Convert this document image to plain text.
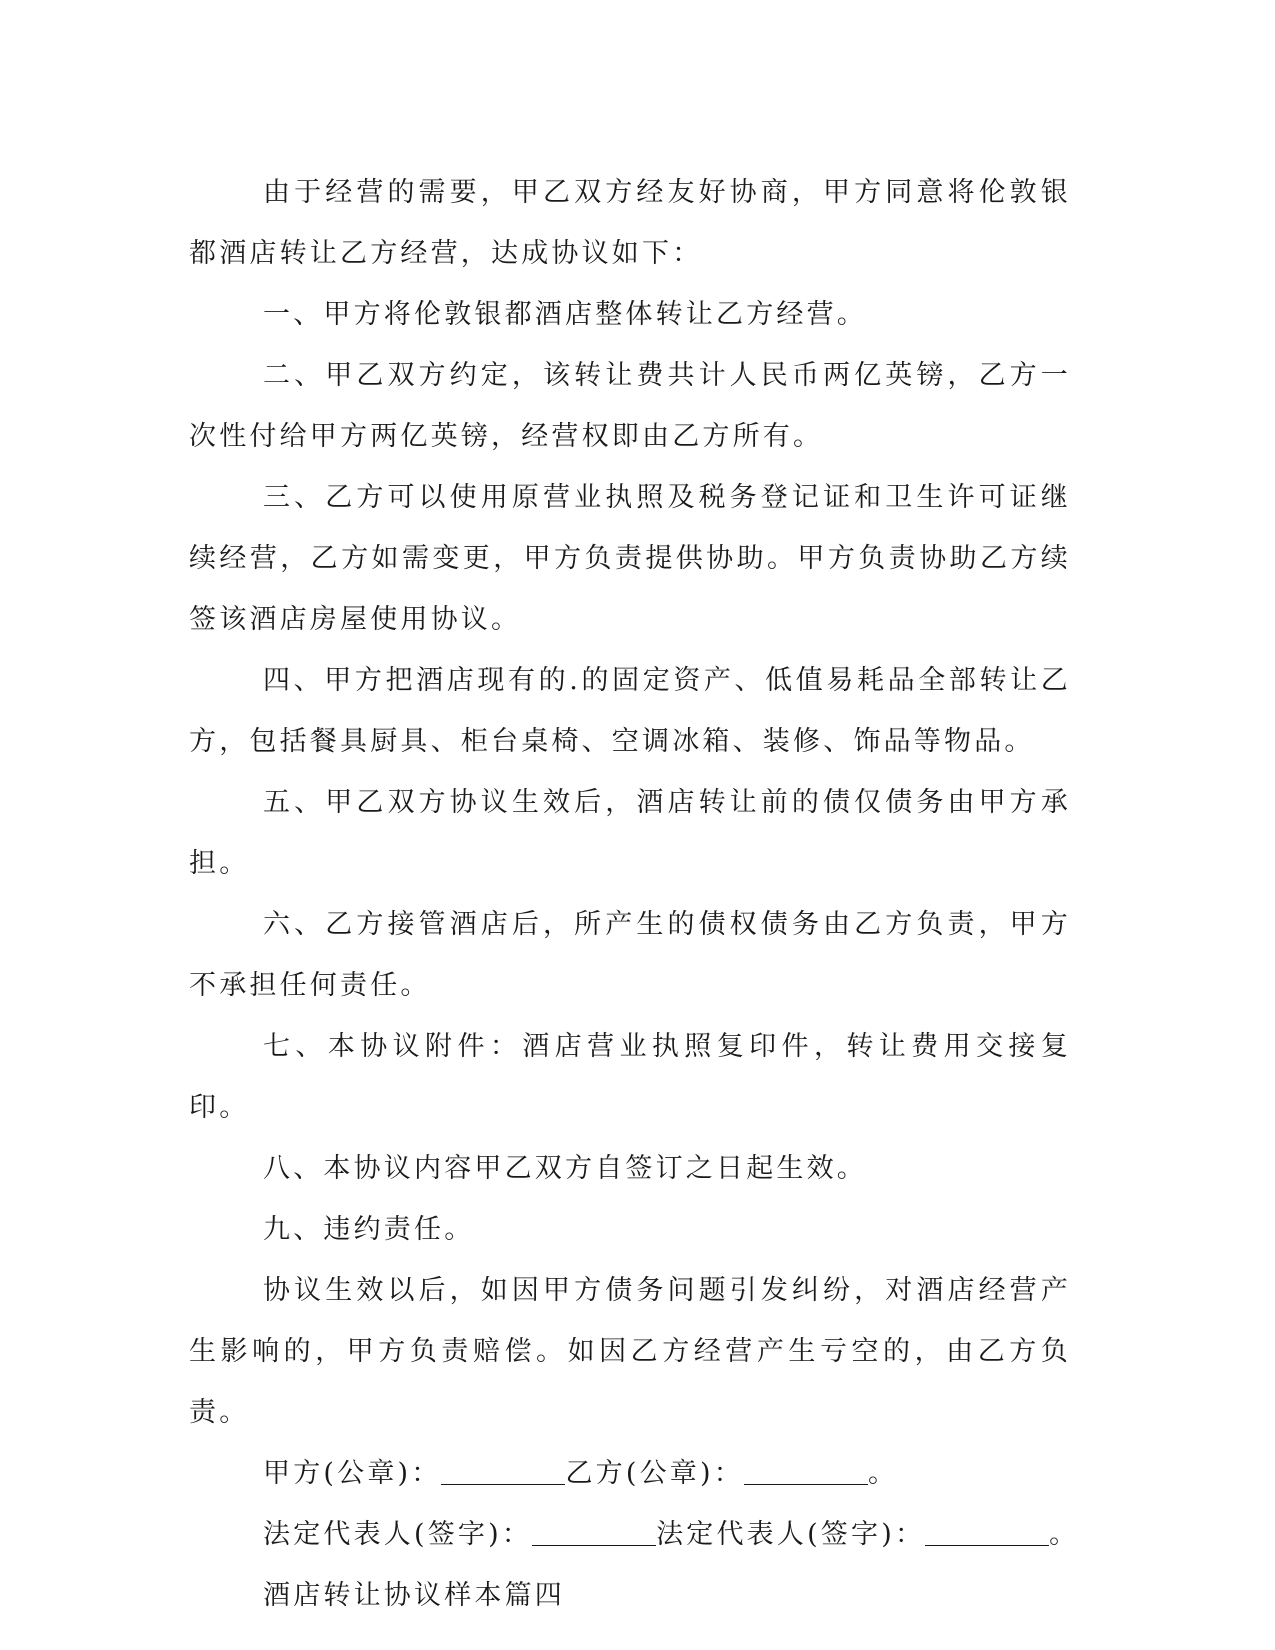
由于经营的需要，甲乙双方经友好协商，甲方同意将伦敦银都酒店转让乙方经营，达成协议如下：

一、甲方将伦敦银都酒店整体转让乙方经营。

二、甲乙双方约定，该转让费共计人民币两亿英镑，乙方一次性付给甲方两亿英镑，经营权即由乙方所有。

三、乙方可以使用原营业执照及税务登记证和卫生许可证继续经营，乙方如需变更，甲方负责提供协助。甲方负责协助乙方续签该酒店房屋使用协议。

四、甲方把酒店现有的.的固定资产、低值易耗品全部转让乙方，包括餐具厨具、柜台桌椅、空调冰箱、装修、饰品等物品。

五、甲乙双方协议生效后，酒店转让前的债仅债务由甲方承担。

六、乙方接管酒店后，所产生的债权债务由乙方负责，甲方不承担任何责任。

七、本协议附件：酒店营业执照复印件，转让费用交接复印。

八、本协议内容甲乙双方自签订之日起生效。

九、违约责任。

协议生效以后，如因甲方债务问题引发纠纷，对酒店经营产生影响的，甲方负责赔偿。如因乙方经营产生亏空的，由乙方负责。

甲方(公章)：	乙方(公章)：	。

法定代表人(签字)：	法定代表人(签字)：	。

酒店转让协议样本篇四
